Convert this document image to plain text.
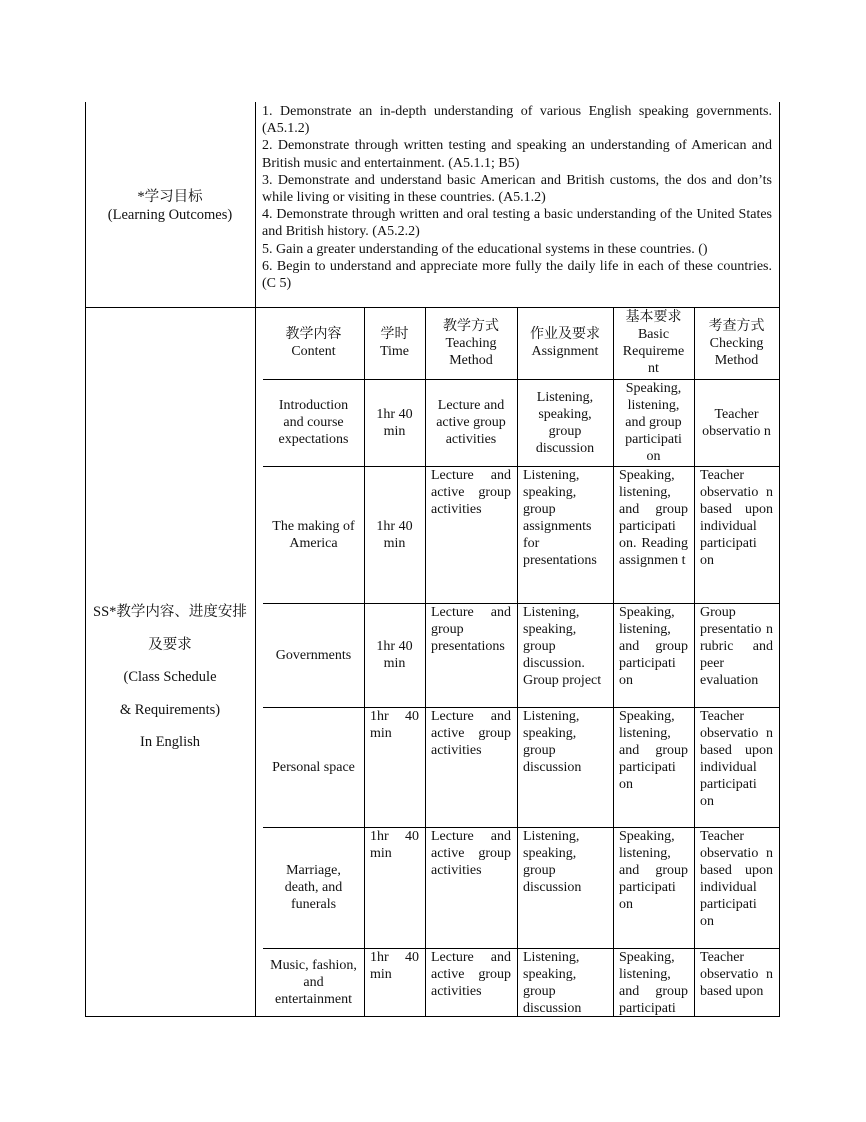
*学习目标
(Learning Outcomes)

1. Demonstrate an in-depth understanding of various English speaking governments. (A5.1.2)

2. Demonstrate through written testing and speaking an understanding of American and British music and entertainment. (A5.1.1; B5)

3. Demonstrate and understand basic American and British customs, the dos and don’ts while living or visiting in these countries. (A5.1.2)

4. Demonstrate through written and oral testing a basic understanding of the United States and British history. (A5.2.2)

5. Gain a greater understanding of the educational systems in these countries. ()

6. Begin to understand and appreciate more fully the daily life in each of these countries. (C 5)

SS*教学内容、进度安排
及要求
(Class Schedule
& Requirements)
In English
教学内容
Content
学时
Time
教学方式
Teaching
Method
作业及要求
Assignment
基本要求
Basic
Requireme
nt
考查方式
Checking
Method
Introduction and course expectations
1hr 40 min
Lecture and active group activities
Listening, speaking, group discussion
Speaking, listening, and group participati on
Teacher observatio n
The making of America
1hr 40 min
Lecture and active group activities
Listening, speaking, group assignments for presentations
Speaking, listening, and group participati on. Reading assignmen t
Teacher observatio n based upon individual participati on
Governments
1hr 40 min
Lecture and group presentations
Listening, speaking, group discussion. Group project
Speaking, listening, and group participati on
Group presentatio n rubric and peer evaluation
Personal space
1hr 40 min
Lecture and active group activities
Listening, speaking, group discussion
Speaking, listening, and group participati on
Teacher observatio n based upon individual participati on
Marriage, death, and funerals
1hr 40 min
Lecture and active group activities
Listening, speaking, group discussion
Speaking, listening, and group participati on
Teacher observatio n based upon individual participati on
Music, fashion, and entertainment
1hr 40 min
Lecture and active group activities
Listening, speaking, group discussion
Speaking, listening, and group participati
Teacher observatio n based upon
